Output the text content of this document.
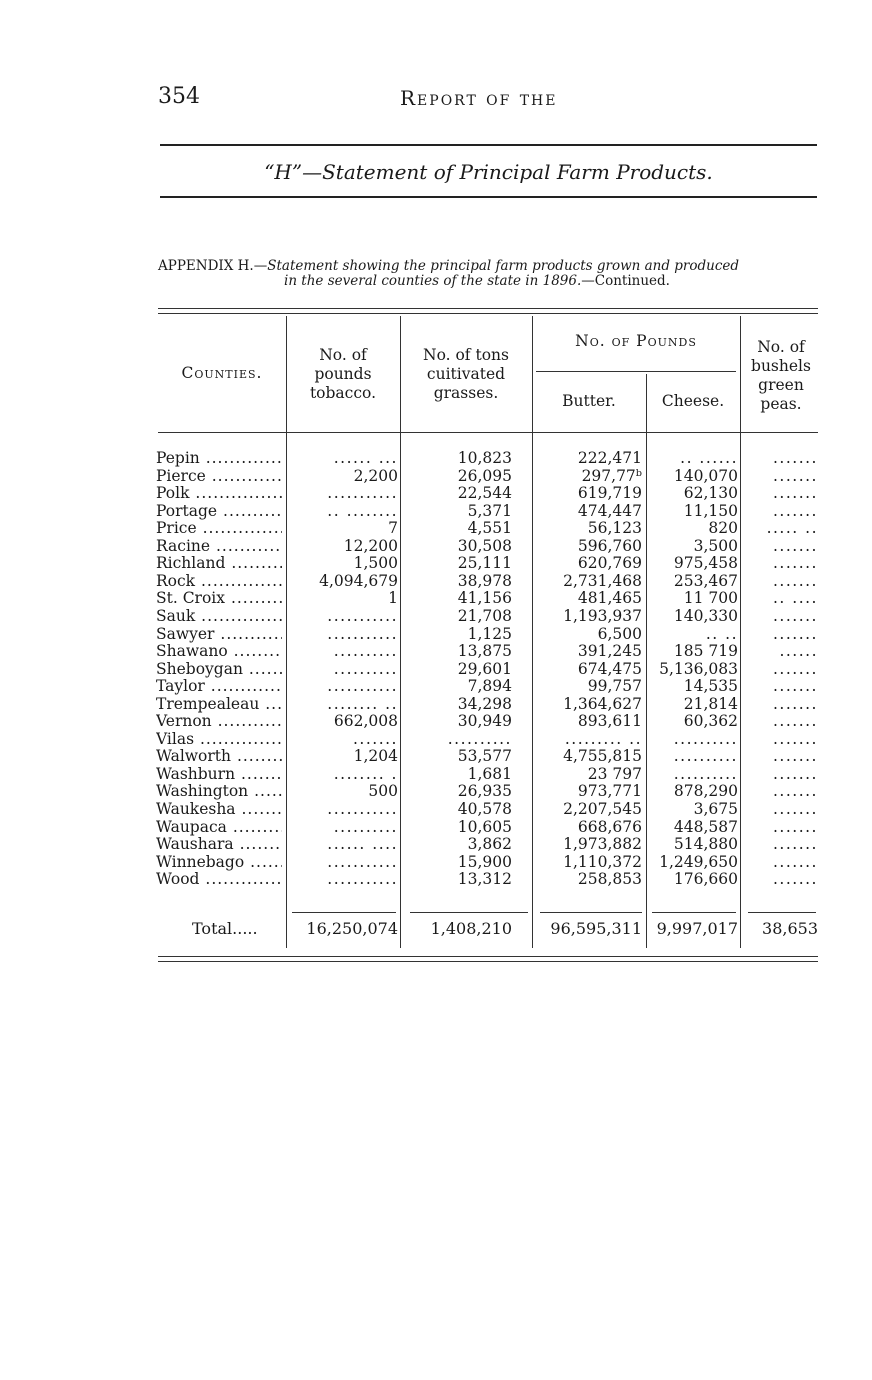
354	Report of the
“H”—Statement of Principal Farm Products.
APPENDIX H.—Statement showing the principal farm products grown and produced
in the several counties of the state in 1896.—Continued.
Counties.
No. of
pounds
tobacco.
No. of tons
cuitivated
grasses.
No. of Pounds
Butter.	Cheese.
No. of
bushels
green
peas.
Pepin .....	...... ...	10,823	222,471	.. ......	.......
Pierce .....	2,200	26,095	297,77ᵇ	140,070	.......
Polk .....	...........	22,544	619,719	62,130	.......
Portage .....	.. ........	5,371	474,447	11,150	.......
Price .....	7	4,551	56,123	820	..... ..
Racine .....	12,200	30,508	596,760	3,500	.......
Richland .....	1,500	25,111	620,769	975,458	.......
Rock .....	4,094,679	38,978	2,731,468	253,467	.......
St. Croix .....	1	41,156	481,465	11 700	.. ....
Sauk .....	...........	21,708	1,193,937	140,330	.......
Sawyer .....	...........	1,125	6,500	.. ..	.......
Shawano .....	..........	13,875	391,245	185 719	......
Sheboygan .....	..........	29,601	674,475	5,136,083	.......
Taylor .....	...........	7,894	99,757	14,535	.......
Trempealeau .....	........ ..	34,298	1,364,627	21,814	.......
Vernon .....	662,008	30,949	893,611	60,362	.......
Vilas .....	.......	..........	......... ..	..........	.......
Walworth .....	1,204	53,577	4,755,815	..........	.......
Washburn .....	........ .	1,681	23 797	..........	.......
Washington .....	500	26,935	973,771	878,290	.......
Waukesha .....	...........	40,578	2,207,545	3,675	.......
Waupaca .....	..........	10,605	668,676	448,587	.......
Waushara .....	...... ....	3,862	1,973,882	514,880	.......
Winnebago .....	...........	15,900	1,110,372	1,249,650	.......
Wood .....	...........	13,312	258,853	176,660	.......
Total.....	16,250,074	1,408,210	96,595,311 9,997,017	38,653
